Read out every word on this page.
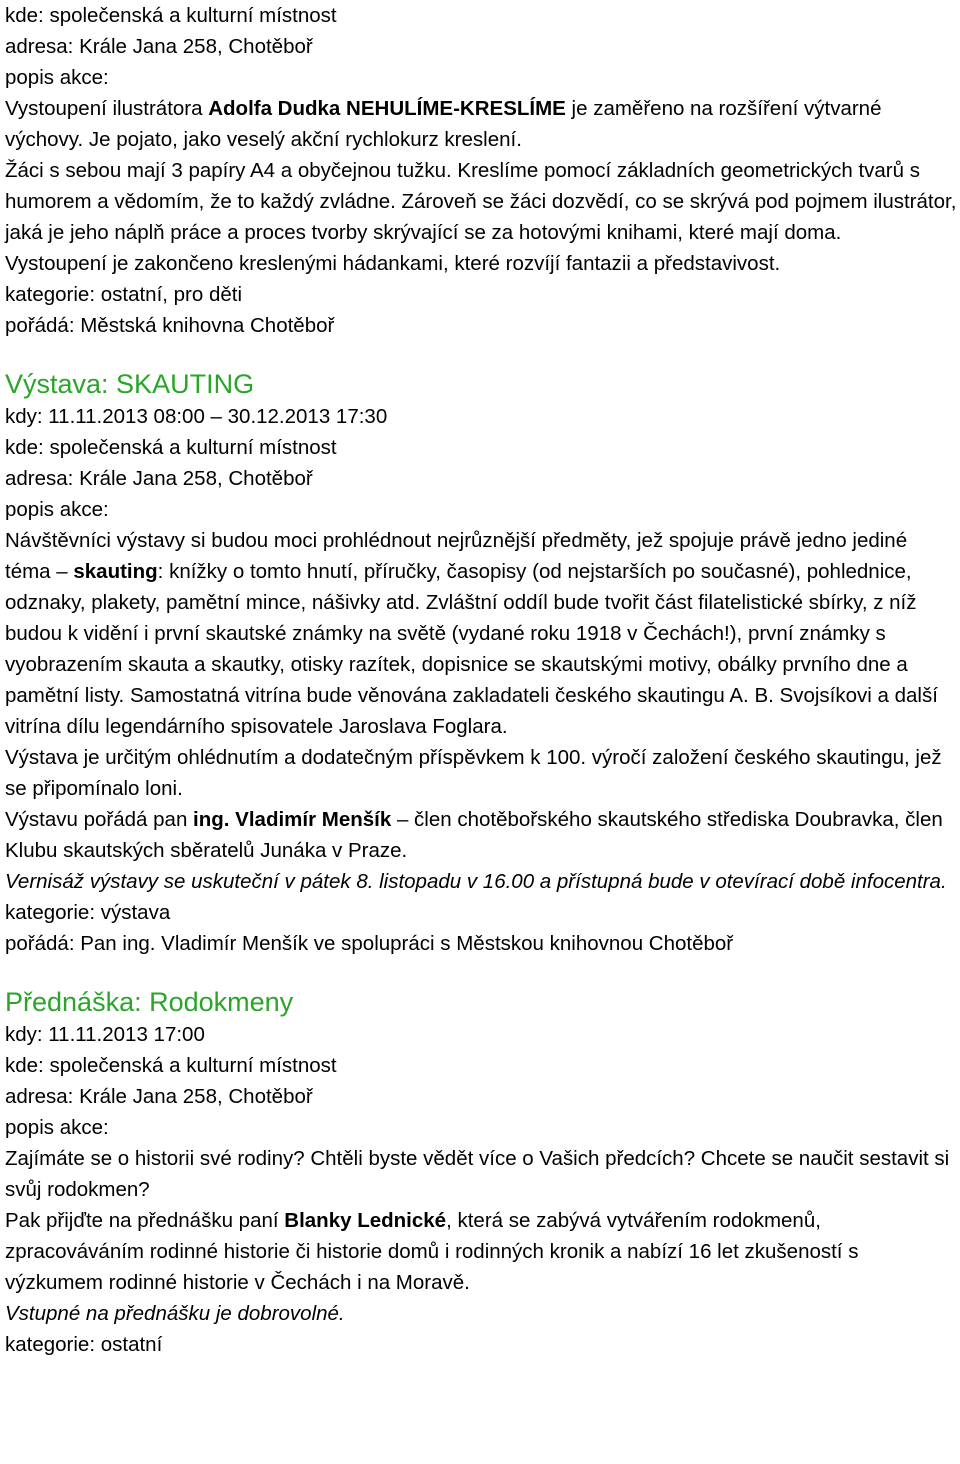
kde: společenská a kulturní místnost
adresa: Krále Jana 258, Chotěboř
popis akce:
Vystoupení ilustrátora Adolfa Dudka NEHULÍME-KRESLÍME je zaměřeno na rozšíření výtvarné výchovy. Je pojato, jako veselý akční rychlokurz kreslení.
Žáci s sebou mají 3 papíry A4 a obyčejnou tužku. Kreslíme pomocí základních geometrických tvarů s humorem a vědomím, že to každý zvládne. Zároveň se žáci dozvědí, co se skrývá pod pojmem ilustrátor, jaká je jeho náplň práce a proces tvorby skrývající se za hotovými knihami, které mají doma.
Vystoupení je zakončeno kreslenými hádankami, které rozvíjí fantazii a představivost.
kategorie: ostatní, pro děti
pořádá: Městská knihovna Chotěboř
Výstava: SKAUTING
kdy: 11.11.2013 08:00 – 30.12.2013 17:30
kde: společenská a kulturní místnost
adresa: Krále Jana 258, Chotěboř
popis akce:
Návštěvníci výstavy si budou moci prohlédnout nejrůznější předměty, jež spojuje právě jedno jediné téma – skauting: knížky o tomto hnutí, příručky, časopisy (od nejstarších po současné), pohlednice, odznaky, plakety, pamětní mince, nášivky atd. Zvláštní oddíl bude tvořit část filatelistické sbírky, z níž budou k vidění i první skautské známky na světě (vydané roku 1918 v Čechách!), první známky s vyobrazením skauta a skautky, otisky razítek, dopisnice se skautskými motivy, obálky prvního dne a pamětní listy. Samostatná vitrína bude věnována zakladateli českého skautingu A. B. Svojsíkovi a další vitrína dílu legendárního spisovatele Jaroslava Foglara.
Výstava je určitým ohlédnutím a dodatečným příspěvkem k 100. výročí založení českého skautingu, jež se připomínalo loni.
Výstavu pořádá pan ing. Vladimír Menšík – člen chotěbořského skautského střediska Doubravka, člen Klubu skautských sběratelů Junáka v Praze.
Vernisáž výstavy se uskuteční v pátek 8. listopadu v 16.00 a přístupná bude v otevírací době infocentra.
kategorie: výstava
pořádá: Pan ing. Vladimír Menšík ve spolupráci s Městskou knihovnou Chotěboř
Přednáška: Rodokmeny
kdy: 11.11.2013 17:00
kde: společenská a kulturní místnost
adresa: Krále Jana 258, Chotěboř
popis akce:
Zajímáte se o historii své rodiny? Chtěli byste vědět více o Vašich předcích? Chcete se naučit sestavit si svůj rodokmen?
Pak přijďte na přednášku paní Blanky Lednické, která se zabývá vytvářením rodokmenů, zpracováváním rodinné historie či historie domů i rodinných kronik a nabízí 16 let zkušeností s výzkumem rodinné historie v Čechách i na Moravě.
Vstupné na přednášku je dobrovolné.
kategorie: ostatní
